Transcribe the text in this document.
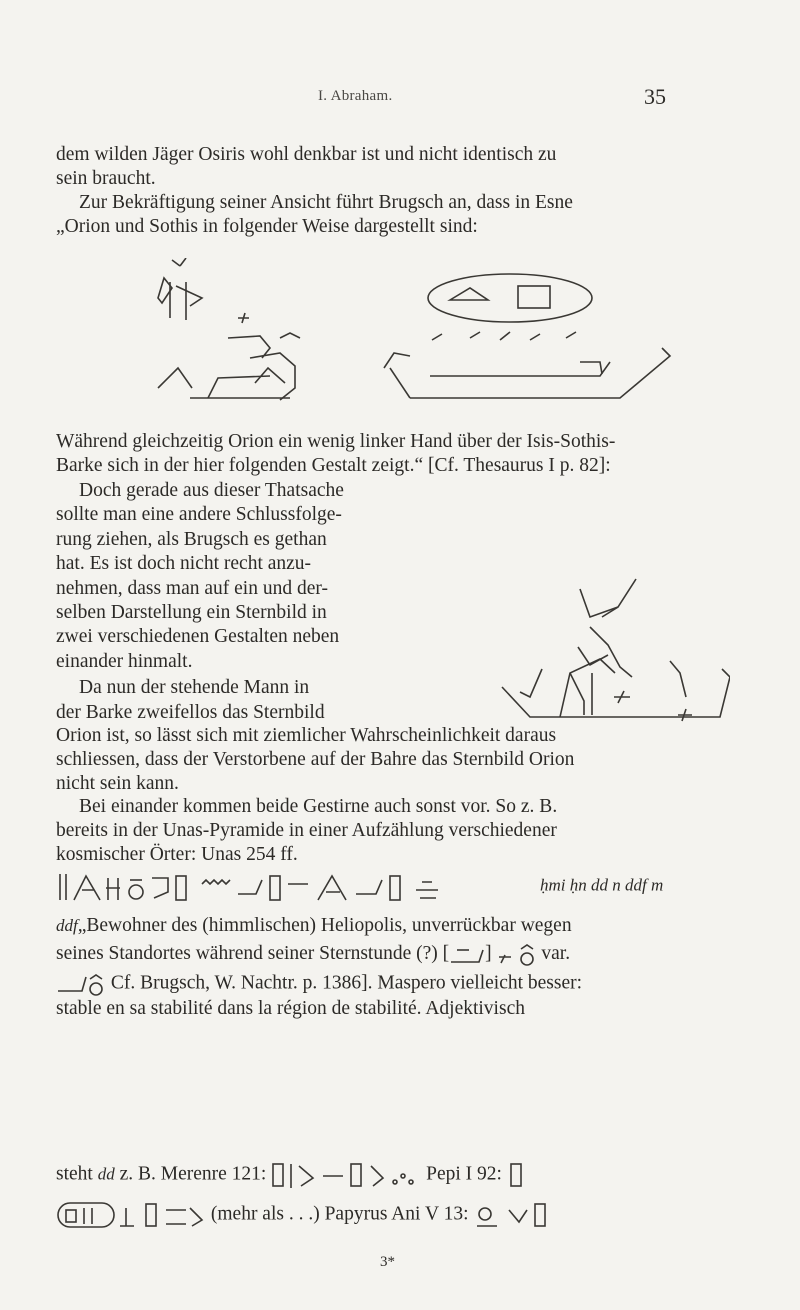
I. Abraham.	35

dem wilden Jäger Osiris wohl denkbar ist und nicht identisch zu

sein braucht.

Zur Bekräftigung seiner Ansicht führt Brugsch an, dass in Esne

„Orion und Sothis in folgender Weise dargestellt sind:

Während gleichzeitig Orion ein wenig linker Hand über der Isis-Sothis-

Barke sich in der hier folgenden Gestalt zeigt.“ [Cf. Thesaurus I p. 82]:

Doch gerade aus dieser Thatsache

sollte man eine andere Schlussfolge-

rung ziehen, als Brugsch es gethan

hat. Es ist doch nicht recht anzu-

nehmen, dass man auf ein und der-

selben Darstellung ein Sternbild in

zwei verschiedenen Gestalten neben

einander hinmalt.

Da nun der stehende Mann in

der Barke zweifellos das Sternbild

Orion ist, so lässt sich mit ziemlicher Wahrscheinlichkeit daraus

schliessen, dass der Verstorbene auf der Bahre das Sternbild Orion

nicht sein kann.

Bei einander kommen beide Gestirne auch sonst vor. So z. B.

bereits in der Unas-Pyramide in einer Aufzählung verschiedener

kosmischer Örter: Unas 254 ff.

ḥmi ḥn dd n ddf m

ddf„Bewohner des (himmlischen) Heliopolis, unverrückbar wegen

seines Standortes während seiner Sternstunde (?) [ ]  var.

Cf. Brugsch, W. Nachtr. p. 1386]. Maspero vielleicht besser:

stable en sa stabilité dans la région de stabilité. Adjektivisch

steht dd z. B. Merenre 121:	Pepi I 92:

(mehr als . . .) Papyrus Ani V 13:

3*
